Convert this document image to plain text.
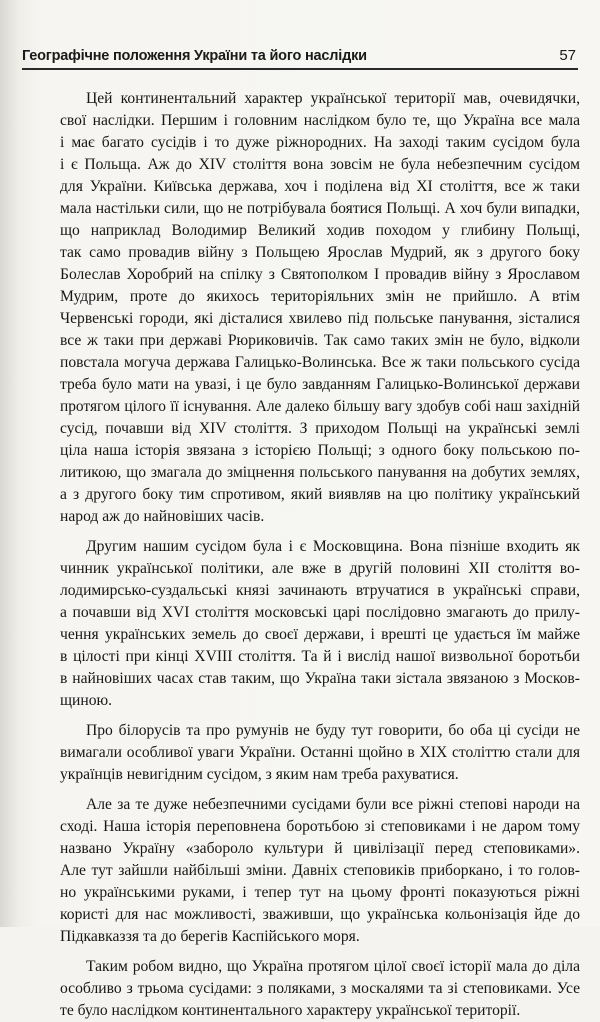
Географічне положення України та його наслідки	57
Цей континентальний характер української території мав, очевидячки,
свої наслідки. Першим і головним наслідком було те, що Україна все мала
і має багато сусідів і то дуже ріжнородних. На заході таким сусідом була
і є Польща. Аж до XIV століття вона зовсім не була небезпечним сусідом
для України. Київська держава, хоч і поділена від XI століття, все ж таки
мала настільки сили, що не потрібувала боятися Польщі. А хоч були випадки,
що наприклад Володимир Великий ходив походом у глибину Польщі,
так само провадив війну з Польщею Ярослав Мудрий, як з другого боку
Болеслав Хоробрий на спілку з Святополком І провадив війну з Ярославом
Мудрим, проте до якихось територіяльних змін не прийшло. А втім
Червенські городи, які дісталися хвилево під польське панування, зісталися
все ж таки при державі Рюриковичів. Так само таких змін не було, відколи
повстала могуча держава Галицько-Волинська. Все ж таки польського сусіда
треба було мати на увазі, і це було завданням Галицько-Волинської держави
протягом цілого її існування. Але далеко більшу вагу здобув собі наш західній
сусід, почавши від XIV століття. З приходом Польщі на українські землі
ціла наша історія звязана з історією Польщі; з одного боку польською по-
литикою, що змагала до зміцнення польського панування на добутих землях,
а з другого боку тим спротивом, який виявляв на цю політику український
народ аж до найновіших часів.
Другим нашим сусідом була і є Московщина. Вона пізніше входить як
чинник української політики, але вже в другій половині XII століття во-
лодимирсько-суздальські князі зачинають втручатися в українські справи,
а почавши від XVI століття московські царі послідовно змагають до прилу-
чення українських земель до своєї держави, і врешті це удається їм майже
в цілості при кінці XVIII століття. Та й і вислід нашої визвольної боротьби
в найновіших часах став таким, що Україна таки зістала звязаною з Москов-
щиною.
Про білорусів та про румунів не буду тут говорити, бо оба ці сусіди не
вимагали особливої уваги України. Останні щойно в XIX століттю стали для
українців невигідним сусідом, з яким нам треба рахуватися.
Але за те дуже небезпечними сусідами були все ріжні степові народи на
сході. Наша історія переповнена боротьбою зі степовиками і не даром тому
названо Україну «забороло культури й цивілізації перед степовиками».
Але тут зайшли найбільші зміни. Давніх степовиків приборкано, і то голов-
но українськими руками, і тепер тут на цьому фронті показуються ріжні
користі для нас можливості, зваживши, що українська кольонізація йде до
Підкавказзя та до берегів Каспійського моря.
Таким робом видно, що Україна протягом цілої своєї історії мала до діла
особливо з трьома сусідами: з поляками, з москалями та зі степовиками. Усе
те було наслідком континентального характеру української території.
